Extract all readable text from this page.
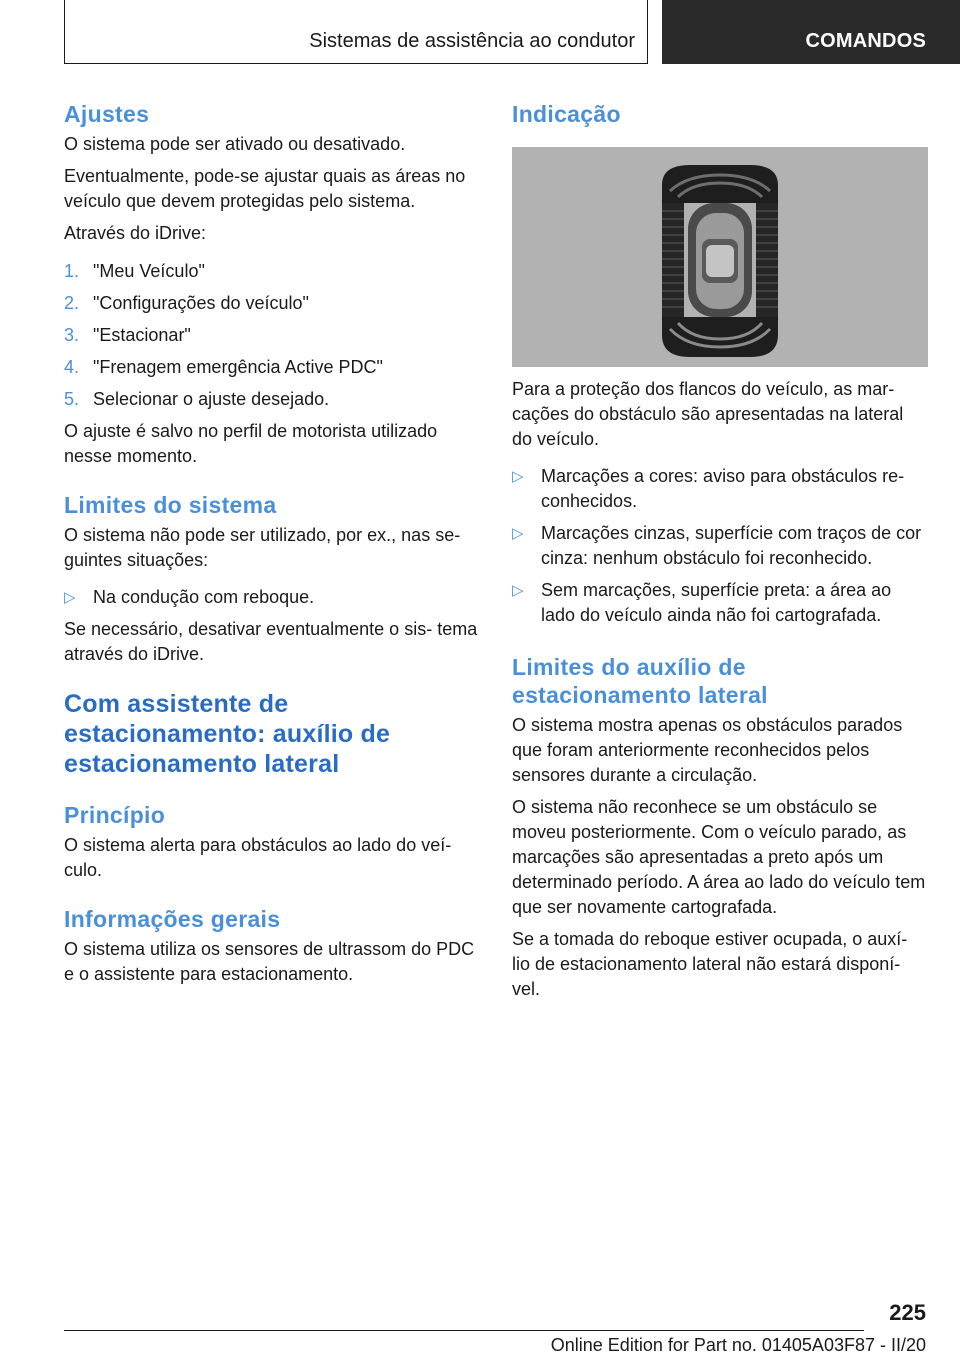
Sistemas de assistência ao condutor	COMANDOS
Ajustes

O sistema pode ser ativado ou desativado.

Eventualmente, pode-se ajustar quais as áreas no veículo que devem protegidas pelo sistema.

Através do iDrive:

1. "Meu Veículo"
2. "Configurações do veículo"
3. "Estacionar"
4. "Frenagem emergência Active PDC"
5. Selecionar o ajuste desejado.

O ajuste é salvo no perfil de motorista utilizado nesse momento.

Limites do sistema

O sistema não pode ser utilizado, por ex., nas se‐ guintes situações:

▷ Na condução com reboque.

Se necessário, desativar eventualmente o sis‐ tema através do iDrive.

Com assistente de estacionamento: auxílio de estacionamento lateral
Princípio

O sistema alerta para obstáculos ao lado do veí‐ culo.

Informações gerais

O sistema utiliza os sensores de ultrassom do PDC e o assistente para estacionamento.

Indicação

Para a proteção dos flancos do veículo, as mar‐ cações do obstáculo são apresentadas na lateral do veículo.

▷ Marcações a cores: aviso para obstáculos re‐ conhecidos.
▷ Marcações cinzas, superfície com traços de cor cinza: nenhum obstáculo foi reconhecido.
▷ Sem marcações, superfície preta: a área ao lado do veículo ainda não foi cartografada.
Limites do auxílio de estacionamento lateral

O sistema mostra apenas os obstáculos parados que foram anteriormente reconhecidos pelos sensores durante a circulação.

O sistema não reconhece se um obstáculo se moveu posteriormente. Com o veículo parado, as marcações são apresentadas a preto após um determinado período. A área ao lado do veículo tem que ser novamente cartografada.

Se a tomada do reboque estiver ocupada, o auxí‐ lio de estacionamento lateral não estará disponí‐ vel.

225
Online Edition for Part no. 01405A03F87 - II/20
